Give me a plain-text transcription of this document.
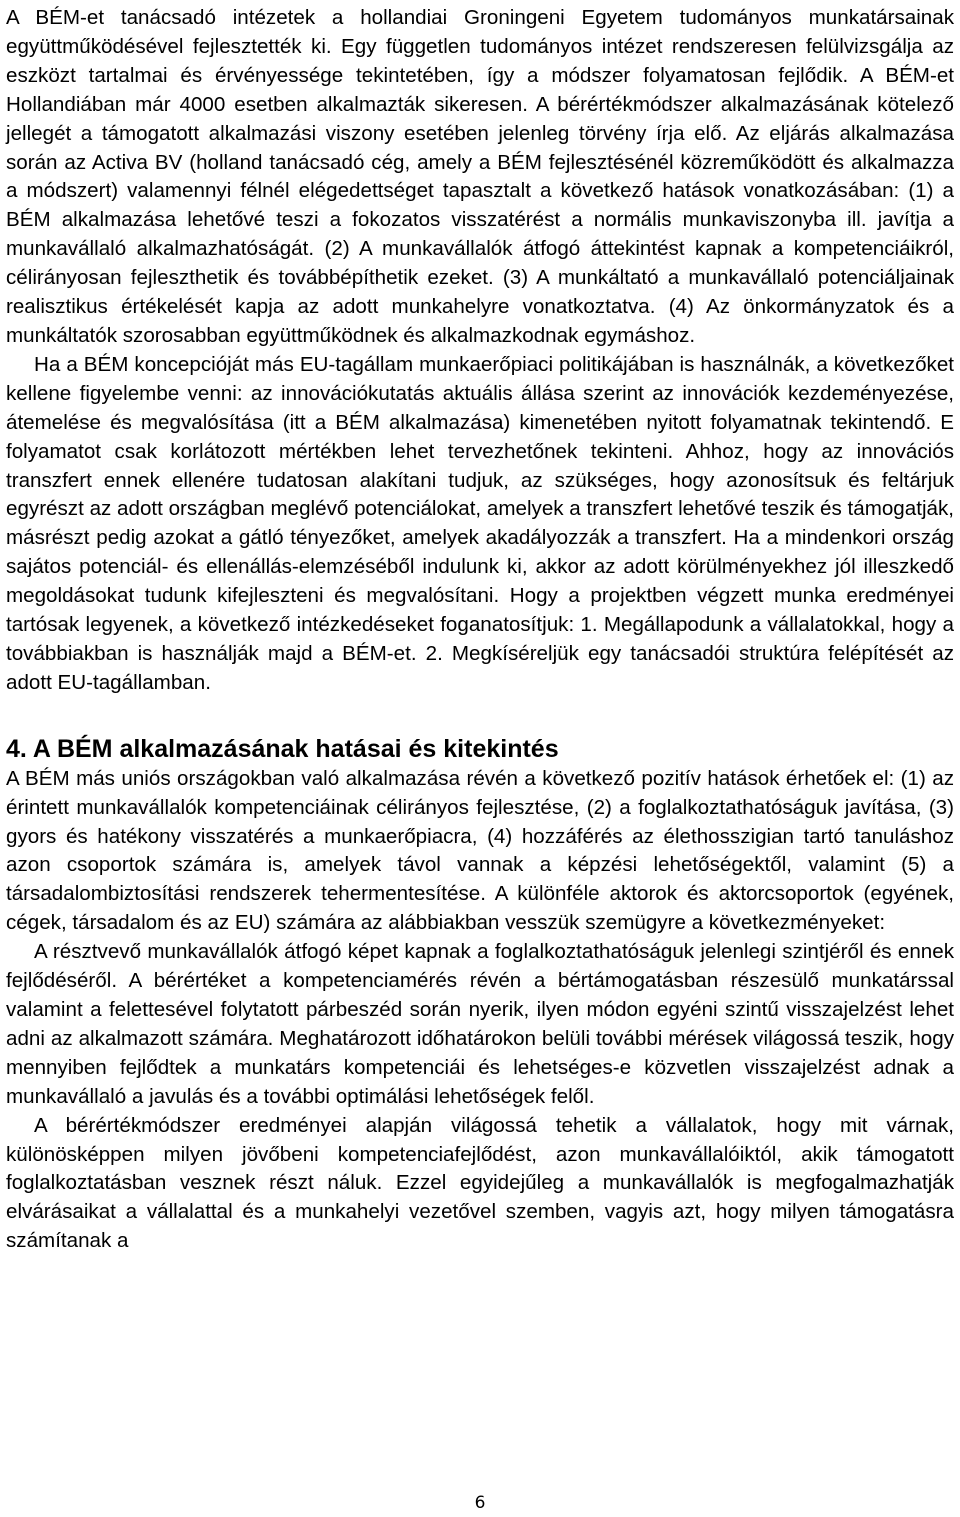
A BÉM-et tanácsadó intézetek a hollandiai Groningeni Egyetem tudományos munkatársainak együttműködésével fejlesztették ki. Egy független tudományos intézet rendszeresen felülvizsgálja az eszközt tartalmai és érvényessége tekintetében, így a módszer folyamatosan fejlődik. A BÉM-et Hollandiában már 4000 esetben alkalmazták sikeresen. A bérértékmódszer alkalmazásának kötelező jellegét a támogatott alkalmazási viszony esetében jelenleg törvény írja elő. Az eljárás alkalmazása során az Activa BV (holland tanácsadó cég, amely a BÉM fejlesztésénél közreműködött és alkalmazza a módszert) valamennyi félnél elégedettséget tapasztalt a következő hatások vonatkozásában: (1) a BÉM alkalmazása lehetővé teszi a fokozatos visszatérést a normális munkaviszonyba ill. javítja a munkavállaló alkalmazhatóságát. (2) A munkavállalók átfogó áttekintést kapnak a kompetenciáikról, célirányosan fejleszthetik és továbbépíthetik ezeket. (3) A munkáltató a munkavállaló potenciáljainak realisztikus értékelését kapja az adott munkahelyre vonatkoztatva. (4) Az önkormányzatok és a munkáltatók szorosabban együttműködnek és alkalmazkodnak egymáshoz.

Ha a BÉM koncepcióját más EU-tagállam munkaerőpiaci politikájában is használnák, a következőket kellene figyelembe venni: az innovációkutatás aktuális állása szerint az innovációk kezdeményezése, átemelése és megvalósítása (itt a BÉM alkalmazása) kimenetében nyitott folyamatnak tekintendő. E folyamatot csak korlátozott mértékben lehet tervezhetőnek tekinteni. Ahhoz, hogy az innovációs transzfert ennek ellenére tudatosan alakítani tudjuk, az szükséges, hogy azonosítsuk és feltárjuk egyrészt az adott országban meglévő potenciálokat, amelyek a transzfert lehetővé teszik és támogatják, másrészt pedig azokat a gátló tényezőket, amelyek akadályozzák a transzfert. Ha a mindenkori ország sajátos potenciál- és ellenállás-elemzéséből indulunk ki, akkor az adott körülményekhez jól illeszkedő megoldásokat tudunk kifejleszteni és megvalósítani. Hogy a projektben végzett munka eredményei tartósak legyenek, a következő intézkedéseket foganatosítjuk: 1. Megállapodunk a vállalatokkal, hogy a továbbiakban is használják majd a BÉM-et. 2. Megkíséreljük egy tanácsadói struktúra felépítését az adott EU-tagállamban.

4. A BÉM alkalmazásának hatásai és kitekintés

A BÉM más uniós országokban való alkalmazása révén a következő pozitív hatások érhetőek el: (1) az érintett munkavállalók kompetenciáinak célirányos fejlesztése, (2) a foglalkoztathatóságuk javítása, (3) gyors és hatékony visszatérés a munkaerőpiacra, (4) hozzáférés az élethosszigian tartó tanuláshoz azon csoportok számára is, amelyek távol vannak a képzési lehetőségektől, valamint (5) a társadalombiztosítási rendszerek tehermentesítése. A különféle aktorok és aktorcsoportok (egyének, cégek, társadalom és az EU) számára az alábbiakban vesszük szemügyre a következményeket:

A résztvevő munkavállalók átfogó képet kapnak a foglalkoztathatóságuk jelenlegi szintjéről és ennek fejlődéséről. A bérértéket a kompetenciamérés révén a bértámogatásban részesülő munkatárssal valamint a felettesével folytatott párbeszéd során nyerik, ilyen módon egyéni szintű visszajelzést lehet adni az alkalmazott számára. Meghatározott időhatárokon belüli további mérések világossá teszik, hogy mennyiben fejlődtek a munkatárs kompetenciái és lehetséges-e közvetlen visszajelzést adnak a munkavállaló a javulás és a további optimálási lehetőségek felől.

A bérértékmódszer eredményei alapján világossá tehetik a vállalatok, hogy mit várnak, különösképpen milyen jövőbeni kompetenciafejlődést, azon munkavállalóiktól, akik támogatott foglalkoztatásban vesznek részt náluk. Ezzel egyidejűleg a munkavállalók is megfogalmazhatják elvárásaikat a vállalattal és a munkahelyi vezetővel szemben, vagyis azt, hogy milyen támogatásra számítanak a

6
